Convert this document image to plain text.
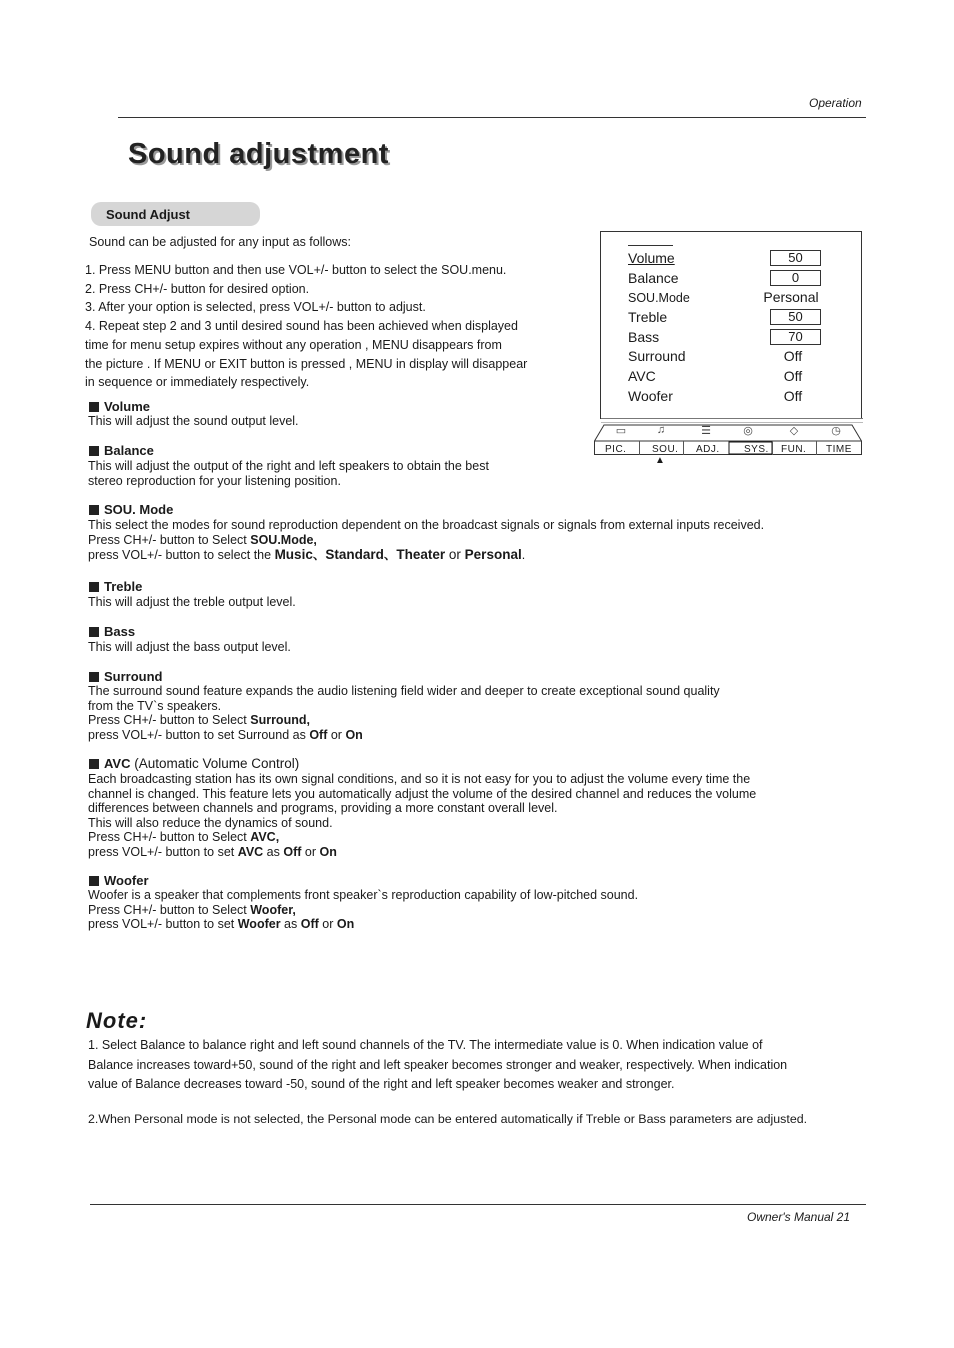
Operation
Sound adjustment
Sound Adjust
Sound can be adjusted for any input as follows:
1. Press MENU button and then use VOL+/- button to select the SOU.menu.
2. Press CH+/- button for desired option.
3. After your option is selected, press VOL+/- button to adjust.
4. Repeat step 2 and 3 until desired sound has been achieved when displayed
time for menu setup expires without any operation , MENU disappears from
the picture . If MENU or EXIT button is pressed , MENU in display will disappear
in sequence or immediately respectively.
Volume	50
Balance	0
SOU.Mode	Personal
Treble	50
Bass	70
Surround	Off
AVC	Off
Woofer	Off
▭	♫	☰	◎	◇	◷
PIC.	SOU. ADJ. SYS. FUN. TIME
▲
Volume
This will adjust the sound output level.
Balance
This will adjust the output of the right and left speakers to obtain the best
stereo reproduction for your listening position.
SOU. Mode
This select the modes for sound reproduction dependent on the broadcast signals or signals from external inputs received.
Press CH+/- button to Select SOU.Mode,
press VOL+/- button to select the Music、Standard、Theater or Personal.
Treble
This will adjust the treble output level.
Bass
This will adjust the bass output level.
Surround
The surround sound feature expands the audio listening field wider and deeper to create exceptional sound quality
from the TV`s speakers.
Press CH+/- button to Select Surround,
press VOL+/- button to set Surround as Off or On
AVC (Automatic Volume Control)
Each broadcasting station has its own signal conditions, and so it is not easy for you to adjust the volume every time the
channel is changed. This feature lets you automatically adjust the volume of the desired channel and reduces the volume
differences between channels and programs, providing a more constant overall level.
This will also reduce the dynamics of sound.
Press CH+/- button to Select AVC,
press VOL+/- button to set AVC as Off or On
Woofer
Woofer is a speaker that complements front speaker`s reproduction capability of low-pitched sound.
Press CH+/- button to Select Woofer,
press VOL+/- button to set Woofer as Off or On
Note:
1. Select Balance to balance right and left sound channels of the TV. The intermediate value is 0. When indication value of
Balance increases toward+50, sound of the right and left speaker becomes stronger and weaker, respectively. When indication
value of Balance decreases toward -50, sound of the right and left speaker becomes weaker and stronger.
2.When Personal mode is not selected, the Personal mode can be entered automatically if Treble or Bass parameters are adjusted.
Owner's Manual 21
